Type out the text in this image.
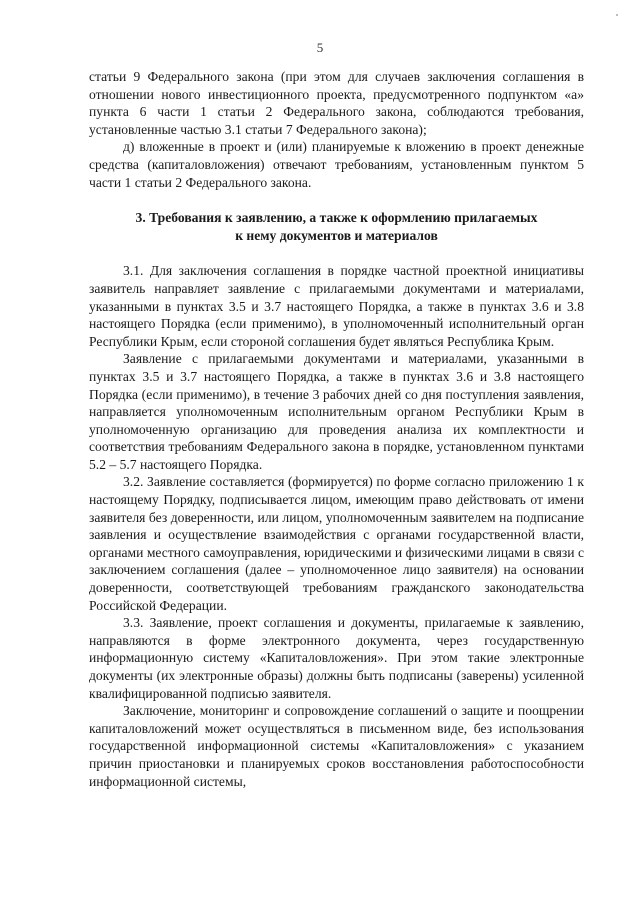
5

статьи 9 Федерального закона (при этом для случаев заключения соглашения в отношении нового инвестиционного проекта, предусмотренного подпунктом «а» пункта 6 части 1 статьи 2 Федерального закона, соблюдаются требования, установленные частью 3.1 статьи 7 Федерального закона);

д) вложенные в проект и (или) планируемые к вложению в проект денежные средства (капиталовложения) отвечают требованиям, установленным пунктом 5 части 1 статьи 2 Федерального закона.

3. Требования к заявлению, а также к оформлению прилагаемых
к нему документов и материалов

3.1. Для заключения соглашения в порядке частной проектной инициативы заявитель направляет заявление с прилагаемыми документами и материалами, указанными в пунктах 3.5 и 3.7 настоящего Порядка, а также в пунктах 3.6 и 3.8 настоящего Порядка (если применимо), в уполномоченный исполнительный орган Республики Крым, если стороной соглашения будет являться Республика Крым.

Заявление с прилагаемыми документами и материалами, указанными в пунктах 3.5 и 3.7 настоящего Порядка, а также в пунктах 3.6 и 3.8 настоящего Порядка (если применимо), в течение 3 рабочих дней со дня поступления заявления, направляется уполномоченным исполнительным органом Республики Крым в уполномоченную организацию для проведения анализа их комплектности и соответствия требованиям Федерального закона в порядке, установленном пунктами 5.2 – 5.7 настоящего Порядка.

3.2. Заявление составляется (формируется) по форме согласно приложению 1 к настоящему Порядку, подписывается лицом, имеющим право действовать от имени заявителя без доверенности, или лицом, уполномоченным заявителем на подписание заявления и осуществление взаимодействия с органами государственной власти, органами местного самоуправления, юридическими и физическими лицами в связи с заключением соглашения (далее – уполномоченное лицо заявителя) на основании доверенности, соответствующей требованиям гражданского законодательства Российской Федерации.

3.3. Заявление, проект соглашения и документы, прилагаемые к заявлению, направляются в форме электронного документа, через государственную информационную систему «Капиталовложения». При этом такие электронные документы (их электронные образы) должны быть подписаны (заверены) усиленной квалифицированной подписью заявителя.

Заключение, мониторинг и сопровождение соглашений о защите и поощрении капиталовложений может осуществляться в письменном виде, без использования государственной информационной системы «Капиталовложения» с указанием причин приостановки и планируемых сроков восстановления работоспособности информационной системы,
